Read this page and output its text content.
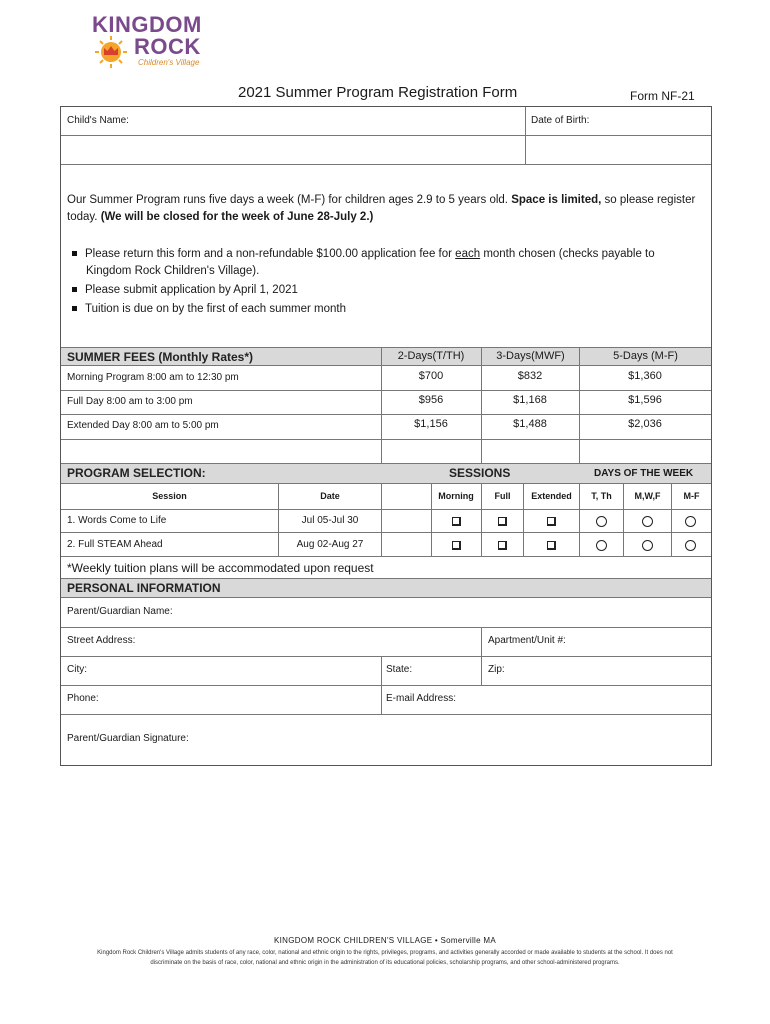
KINGDOM
ROCK
Children's Village
2021 Summer Program Registration Form	Form NF-21
Child's Name:	Date of Birth:
SUMMER FEES (Monthly Rates*)	2-Days(T/TH)	3-Days(MWF)	5-Days (M-F)
Morning Program 8:00 am to 12:30 pm	$700	$832	$1,360
Full Day 8:00 am to 3:00 pm	$956	$1,168	$1,596
Extended Day 8:00 am to 5:00 pm	$1,156	$1,488	$2,036
PROGRAM SELECTION:	SESSIONS	DAYS OF THE WEEK
Session	Date	Morning	Full	Extended	T, Th	M,W,F	M-F
1. Words Come to Life	Jul 05-Jul 30
2. Full STEAM Ahead	Aug 02-Aug 27
*Weekly tuition plans will be accommodated upon request
PERSONAL INFORMATION
Parent/Guardian Name:
Street Address:	Apartment/Unit #:
City:	State:	Zip:
Phone:	E-mail Address:
Parent/Guardian Signature:
Our Summer Program runs five days a week (M-F) for children ages 2.9 to 5 years old. Space is limited, so please register today. (We will be closed for the week of June 28-July 2.)
Please return this form and a non-refundable $100.00 application fee for each month chosen (checks payable to Kingdom Rock Children's Village).
Please submit application by April 1, 2021
Tuition is due on by the first of each summer month
KINGDOM ROCK CHILDREN'S VILLAGE • Somerville MA
Kingdom Rock Children's Village admits students of any race, color, national and ethnic origin to the rights, privileges, programs, and activities generally accorded or made available to students at the school. It does not discriminate on the basis of race, color, national and ethnic origin in the administration of its educational policies, scholarship programs, and other school-administered programs.
